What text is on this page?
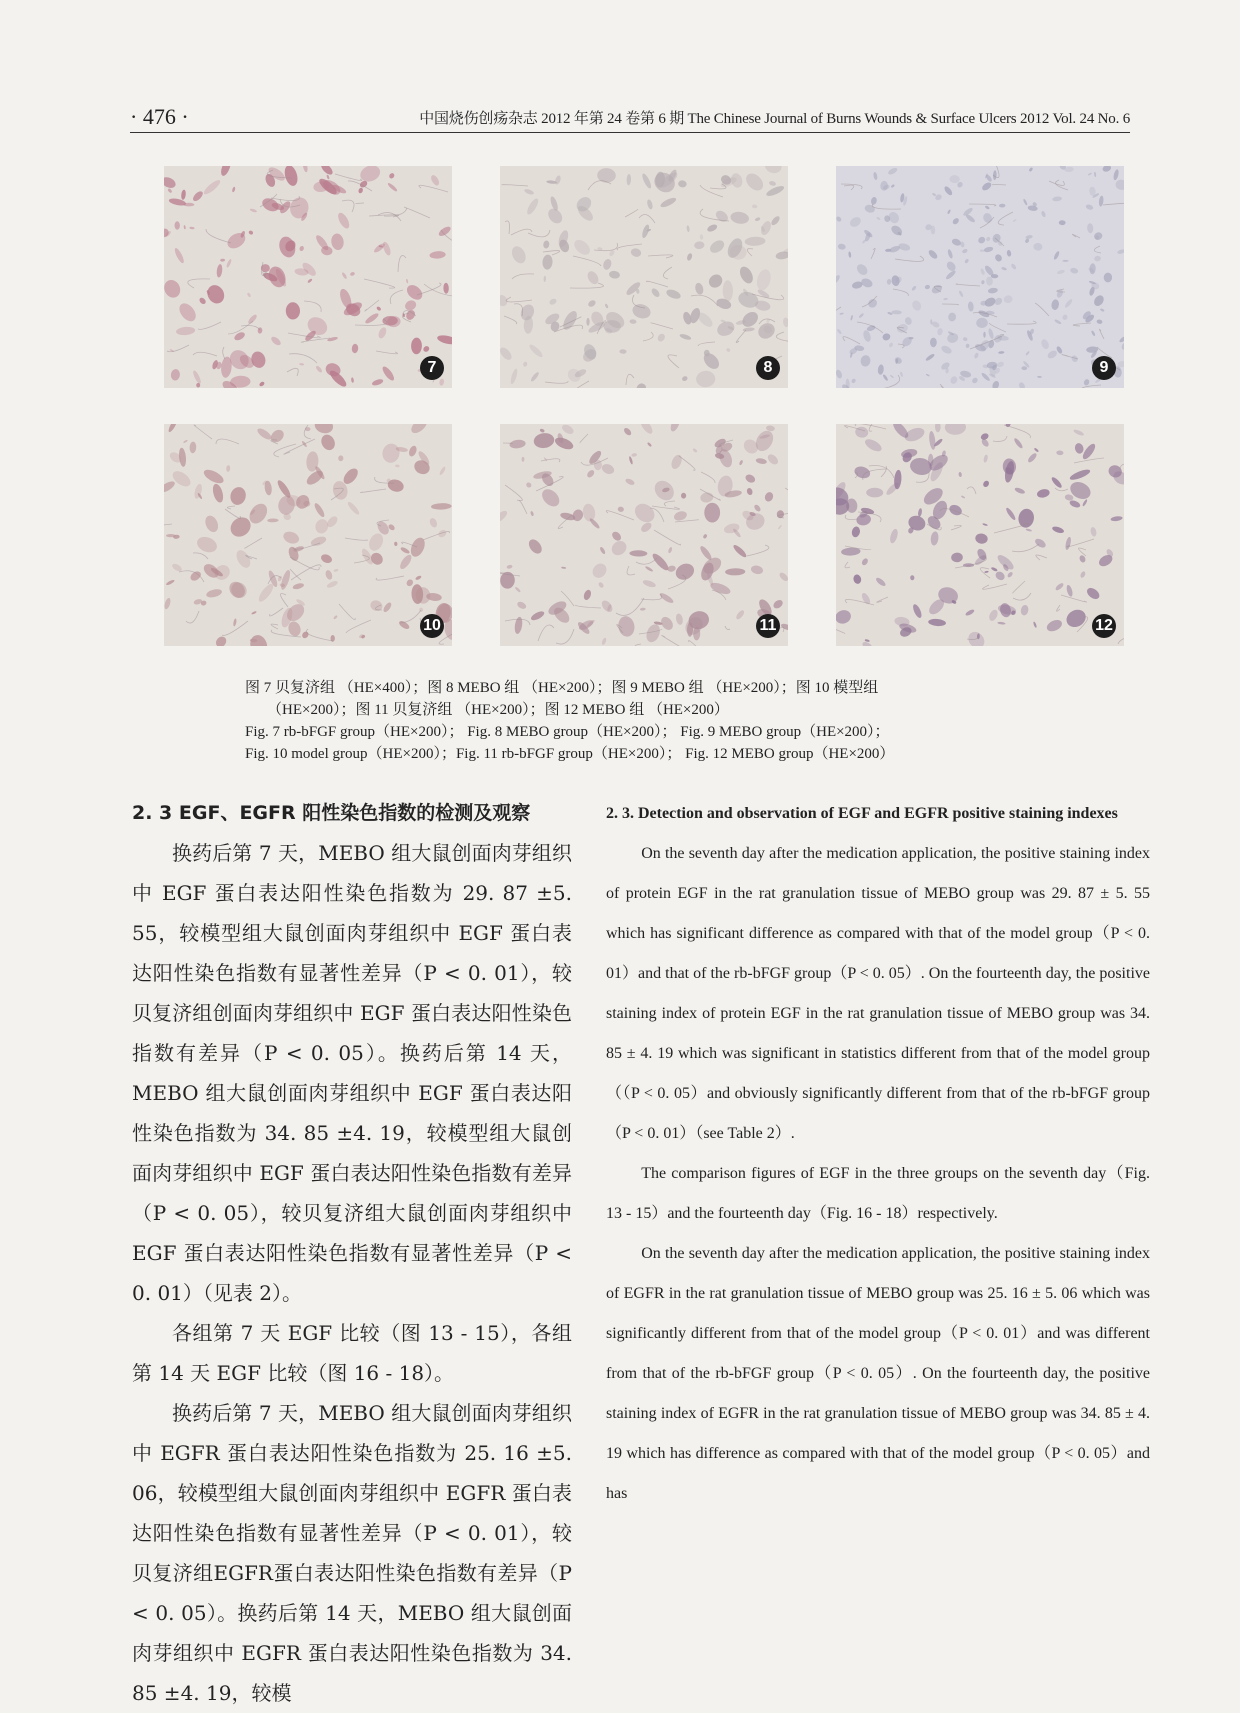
· 476 ·	中国烧伤创疡杂志 2012 年第 24 卷第 6 期 The Chinese Journal of Burns Wounds & Surface Ulcers 2012 Vol. 24 No. 6
7	8	9
10	11	12
图 7 贝复济组 （HE×400）；图 8 MEBO 组 （HE×200）；图 9 MEBO 组 （HE×200）；图 10 模型组
（HE×200）；图 11 贝复济组 （HE×200）；图 12 MEBO 组 （HE×200）
Fig. 7 rb-bFGF group（HE×200）； Fig. 8 MEBO group（HE×200）； Fig. 9 MEBO group（HE×200）；
Fig. 10 model group（HE×200）；Fig. 11 rb-bFGF group（HE×200）； Fig. 12 MEBO group（HE×200）
2. 3 EGF、EGFR 阳性染色指数的检测及观察

换药后第 7 天，MEBO 组大鼠创面肉芽组织中 EGF 蛋白表达阳性染色指数为 29. 87 ±5. 55，较模型组大鼠创面肉芽组织中 EGF 蛋白表达阳性染色指数有显著性差异（P < 0. 01），较贝复济组创面肉芽组织中 EGF 蛋白表达阳性染色指数有差异（P < 0. 05）。换药后第 14 天，MEBO 组大鼠创面肉芽组织中 EGF 蛋白表达阳性染色指数为 34. 85 ±4. 19，较模型组大鼠创面肉芽组织中 EGF 蛋白表达阳性染色指数有差异（P < 0. 05），较贝复济组大鼠创面肉芽组织中 EGF 蛋白表达阳性染色指数有显著性差异（P < 0. 01）（见表 2）。

各组第 7 天 EGF 比较（图 13 - 15），各组第 14 天 EGF 比较（图 16 - 18）。

换药后第 7 天，MEBO 组大鼠创面肉芽组织中 EGFR 蛋白表达阳性染色指数为 25. 16 ±5. 06，较模型组大鼠创面肉芽组织中 EGFR 蛋白表达阳性染色指数有显著性差异（P < 0. 01），较贝复济组EGFR蛋白表达阳性染色指数有差异（P < 0. 05）。换药后第 14 天，MEBO 组大鼠创面肉芽组织中 EGFR 蛋白表达阳性染色指数为 34. 85 ±4. 19，较模

2. 3. Detection and observation of EGF and EGFR positive staining indexes

On the seventh day after the medication application, the positive staining index of protein EGF in the rat granulation tissue of MEBO group was 29. 87 ± 5. 55 which has significant difference as compared with that of the model group（P < 0. 01）and that of the rb-bFGF group（P < 0. 05）. On the fourteenth day, the positive staining index of protein EGF in the rat granulation tissue of MEBO group was 34. 85 ± 4. 19 which was significant in statistics different from that of the model group（（P < 0. 05）and obviously significantly different from that of the rb-bFGF group（P < 0. 01）（see Table 2）.

The comparison figures of EGF in the three groups on the seventh day（Fig. 13 - 15）and the fourteenth day（Fig. 16 - 18）respectively.

On the seventh day after the medication application, the positive staining index of EGFR in the rat granulation tissue of MEBO group was 25. 16 ± 5. 06 which was significantly different from that of the model group（P < 0. 01）and was different from that of the rb-bFGF group（P < 0. 05）. On the fourteenth day, the positive staining index of EGFR in the rat granulation tissue of MEBO group was 34. 85 ± 4. 19 which has difference as compared with that of the model group（P < 0. 05）and has
